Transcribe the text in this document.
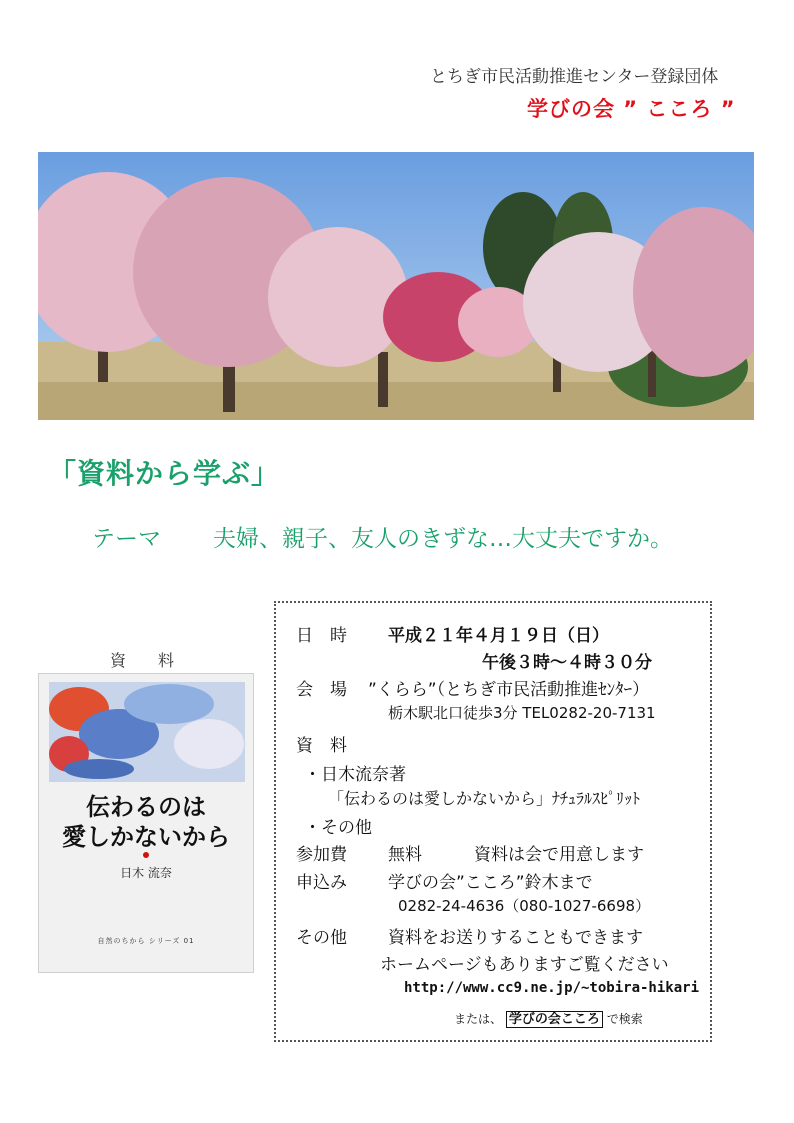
とちぎ市民活動推進センター登録団体
学びの会 ” こころ ”
「資料から学ぶ」
テーマ 夫婦、親子、友人のきずな…大丈夫ですか。
資　　料
伝わるのは
愛しかないから
日木 流奈
自然のちから シリーズ 01
日　時 平成２１年４月１９日（日）
午後３時～４時３０分
会　場 ”くらら”（とちぎ市民活動推進ｾﾝﾀｰ）
栃木駅北口徒歩3分 TEL0282-20-7131
資　料
・日木流奈著
「伝わるのは愛しかないから」ﾅﾁｭﾗﾙｽﾋﾟﾘｯﾄ
・その他
参加費 無料	資料は会で用意します
申込み 学びの会”こころ”鈴木まで
0282-24-4636（080-1027-6698）
その他 資料をお送りすることもできます
ホームページもありますご覧ください
http://www.cc9.ne.jp/~tobira-hikari
または、 学びの会こころ で検索
